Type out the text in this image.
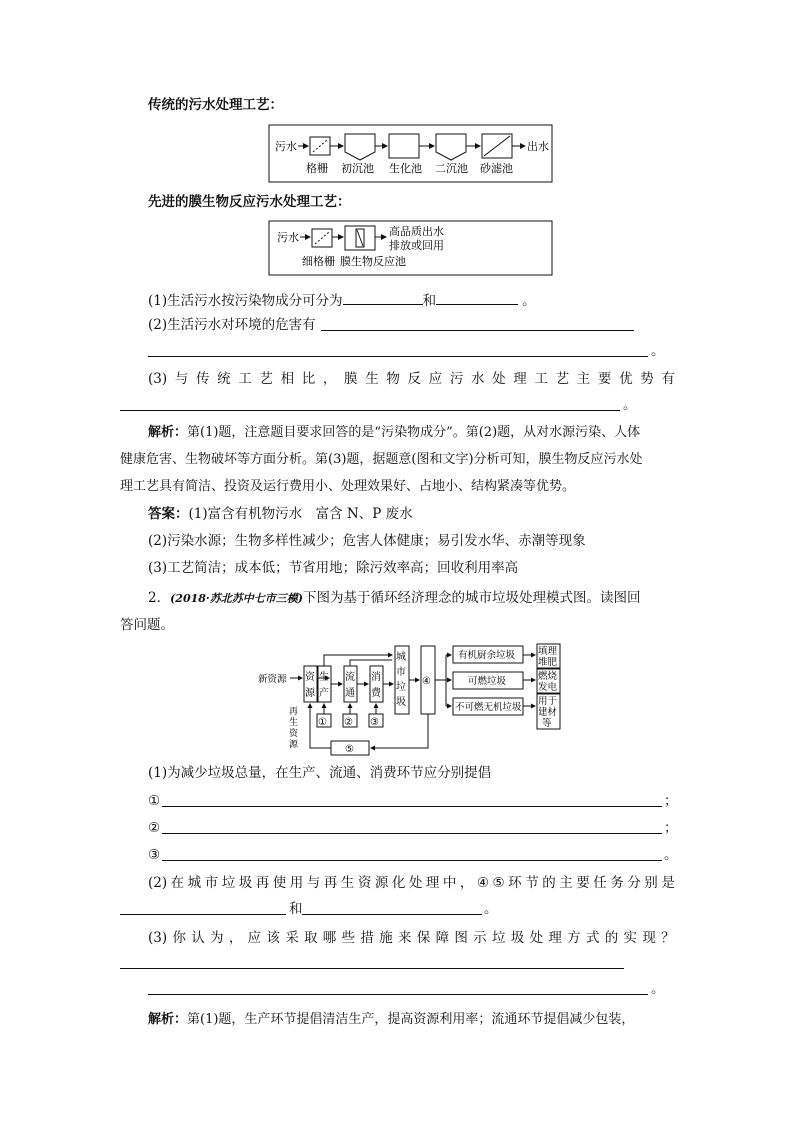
传统的污水处理工艺：
污水	出水
格栅 初沉池 生化池 二沉池 砂滤池
污水	高品质出水
排放或回用
细格栅 膜生物反应池
先进的膜生物反应污水处理工艺：
(1)生活污水按污染物成分可分为	和	。
(2)生活污水对环境的危害有
。
(3) 与 传 统 工 艺 相 比 ， 膜 生 物 反 应 污 水 处 理 工 艺 主 要 优 势 有
。
解析：第(1)题，注意题目要求回答的是“污染物成分”。第(2)题，从对水源污染、人体
健康危害、生物破坏等方面分析。第(3)题，据题意(图和文字)分析可知，膜生物反应污水处
理工艺具有简洁、投资及运行费用小、处理效果好、占地小、结构紧凑等优势。
答案：(1)富含有机物污水　富含 N、P 废水
(2)污染水源；生物多样性减少；危害人体健康；易引发水华、赤潮等现象
(3)工艺简洁；成本低；节省用地；除污效率高；回收利用率高
2．(2018·苏北苏中七市三模)下图为基于循环经济理念的城市垃圾处理模式图。读图回
答问题。
新资源 资
源
生
产
流
通
消
费
城
市
垃
圾
④
有机厨余垃圾
可燃垃圾
不可燃无机垃圾
填理
堆肥
燃烧
发电
用于
建材
等
① ② ③
⑤
再
生
资
源
(1)为减少垃圾总量，在生产、流通、消费环节应分别提倡
①	；
②	；
③	。
(2) 在 城 市 垃 圾 再 使 用 与 再 生 资 源 化 处 理 中 ， ④ ⑤ 环 节 的 主 要 任 务 分 别 是
和	。
(3) 你 认 为 ， 应 该 采 取 哪 些 措 施 来 保 障 图 示 垃 圾 处 理 方 式 的 实 现 ？
。
解析：第(1)题，生产环节提倡清洁生产，提高资源利用率；流通环节提倡减少包装，
